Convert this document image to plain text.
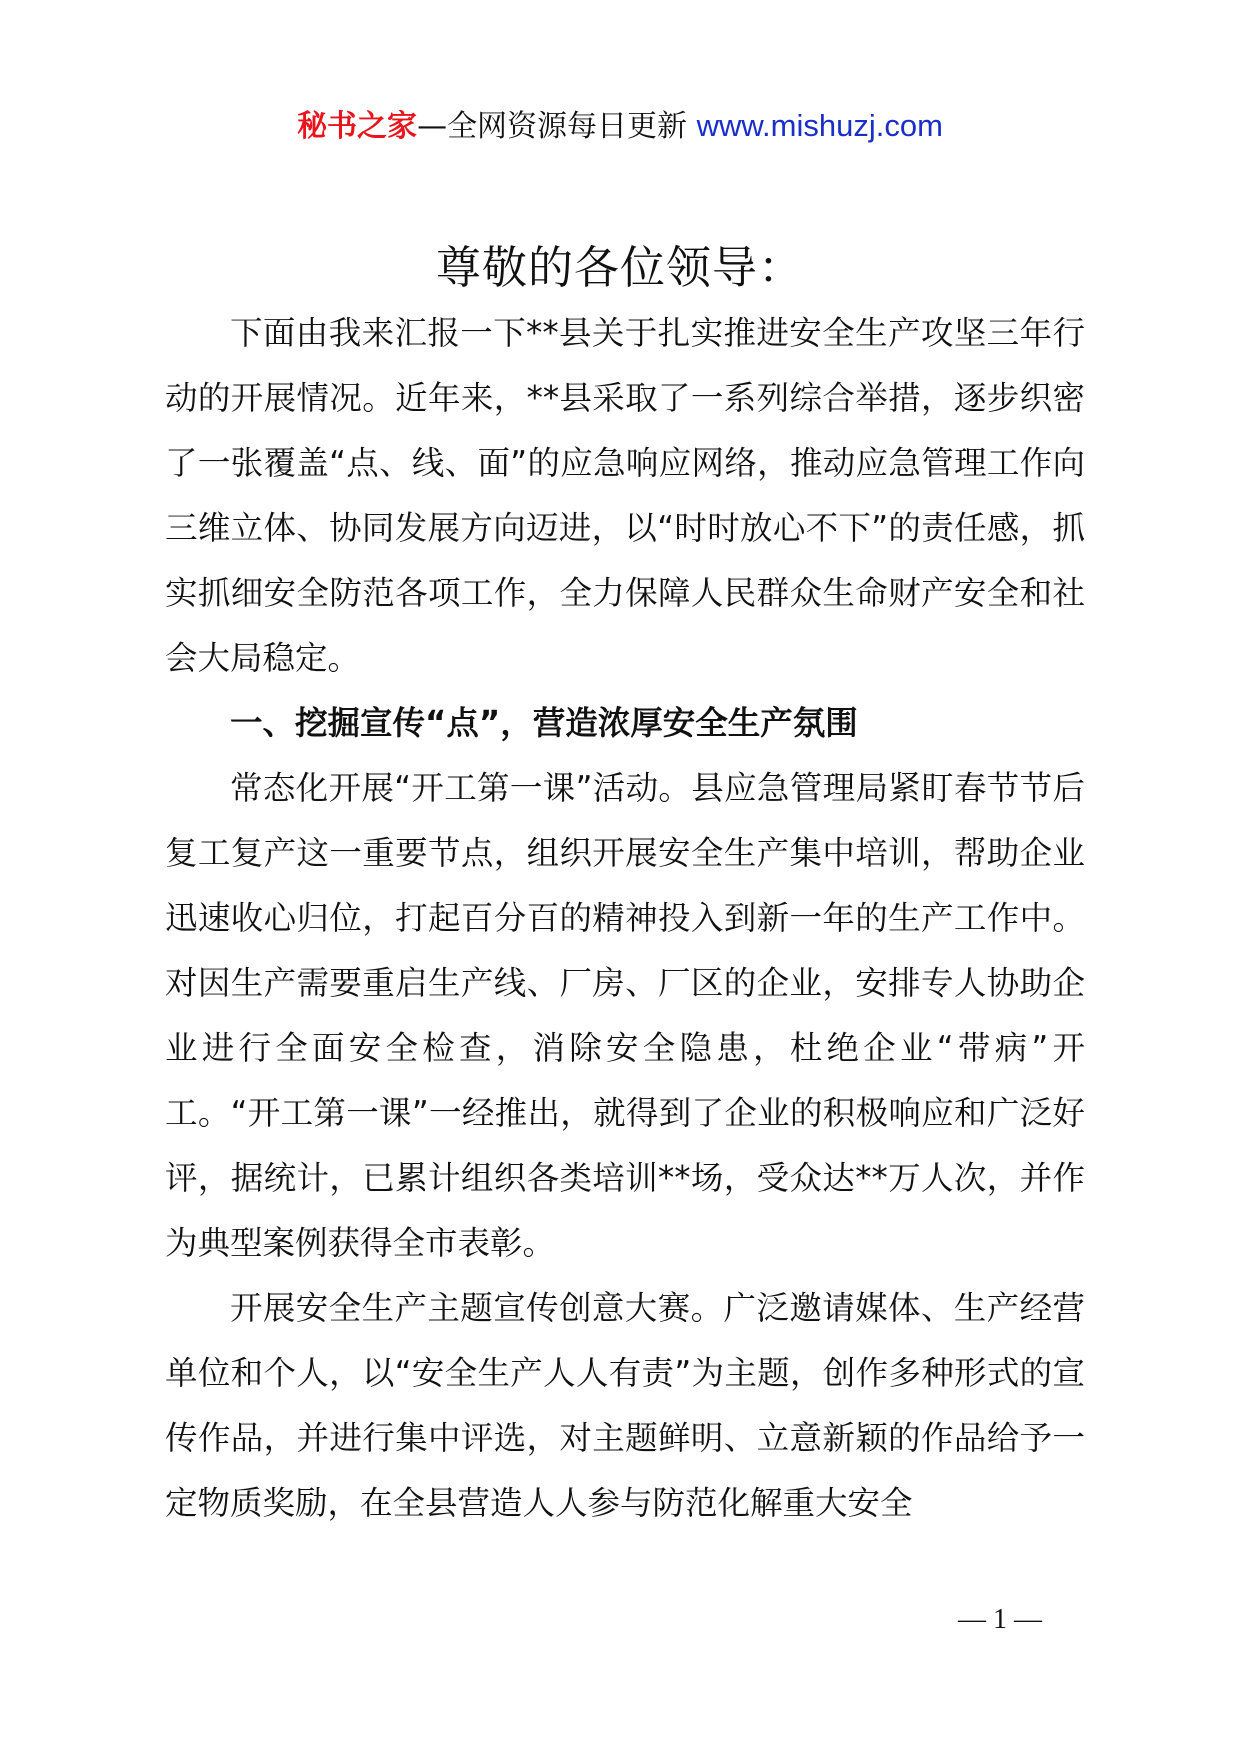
秘书之家—全网资源每日更新 www.mishuzj.com
尊敬的各位领导：

下面由我来汇报一下**县关于扎实推进安全生产攻坚三年行动的开展情况。近年来，**县采取了一系列综合举措，逐步织密了一张覆盖“点、线、面”的应急响应网络，推动应急管理工作向三维立体、协同发展方向迈进，以“时时放心不下”的责任感，抓实抓细安全防范各项工作，全力保障人民群众生命财产安全和社会大局稳定。

一、挖掘宣传“点”，营造浓厚安全生产氛围

常态化开展“开工第一课”活动。县应急管理局紧盯春节节后复工复产这一重要节点，组织开展安全生产集中培训，帮助企业迅速收心归位，打起百分百的精神投入到新一年的生产工作中。对因生产需要重启生产线、厂房、厂区的企业，安排专人协助企业进行全面安全检查，消除安全隐患，杜绝企业“带病”开工。“开工第一课”一经推出，就得到了企业的积极响应和广泛好评，据统计，已累计组织各类培训**场，受众达**万人次，并作为典型案例获得全市表彰。

开展安全生产主题宣传创意大赛。广泛邀请媒体、生产经营单位和个人，以“安全生产人人有责”为主题，创作多种形式的宣传作品，并进行集中评选，对主题鲜明、立意新颖的作品给予一定物质奖励，在全县营造人人参与防范化解重大安全

— 1 —
